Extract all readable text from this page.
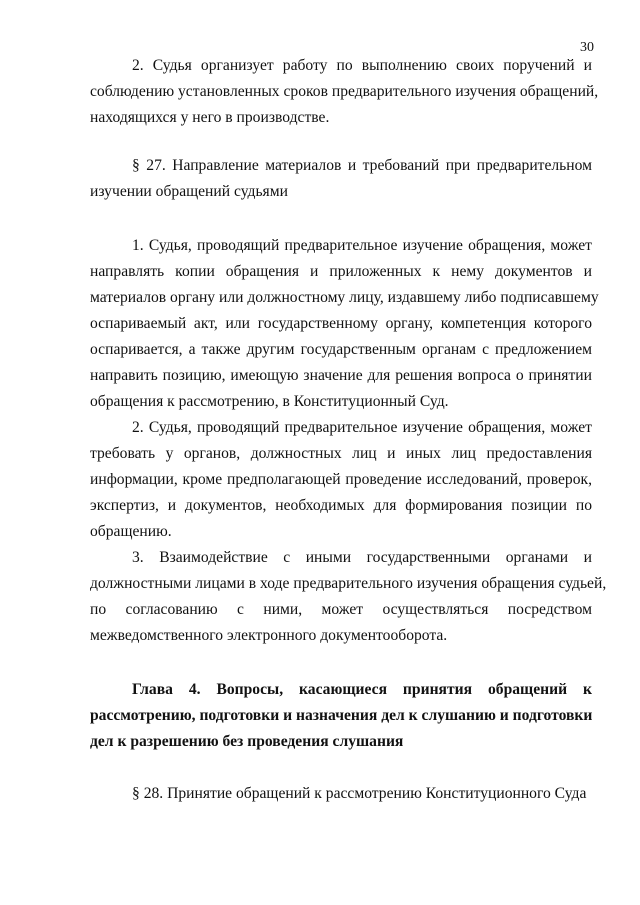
30
2. Судья организует работу по выполнению своих поручений и
соблюдению установленных сроков предварительного изучения обращений,
находящихся у него в производстве.
§ 27. Направление материалов и требований при предварительном
изучении обращений судьями
1. Судья, проводящий предварительное изучение обращения, может
направлять копии обращения и приложенных к нему документов и
материалов органу или должностному лицу, издавшему либо подписавшему
оспариваемый акт, или государственному органу, компетенция которого
оспаривается, а также другим государственным органам с предложением
направить позицию, имеющую значение для решения вопроса о принятии
обращения к рассмотрению, в Конституционный Суд.
2. Судья, проводящий предварительное изучение обращения, может
требовать у органов, должностных лиц и иных лиц предоставления
информации, кроме предполагающей проведение исследований, проверок,
экспертиз, и документов, необходимых для формирования позиции по
обращению.
3. Взаимодействие с иными государственными органами и
должностными лицами в ходе предварительного изучения обращения судьей,
по согласованию с ними, может осуществляться посредством
межведомственного электронного документооборота.
Глава 4. Вопросы, касающиеся принятия обращений к
рассмотрению, подготовки и назначения дел к слушанию и подготовки
дел к разрешению без проведения слушания
§ 28. Принятие обращений к рассмотрению Конституционного Суда
